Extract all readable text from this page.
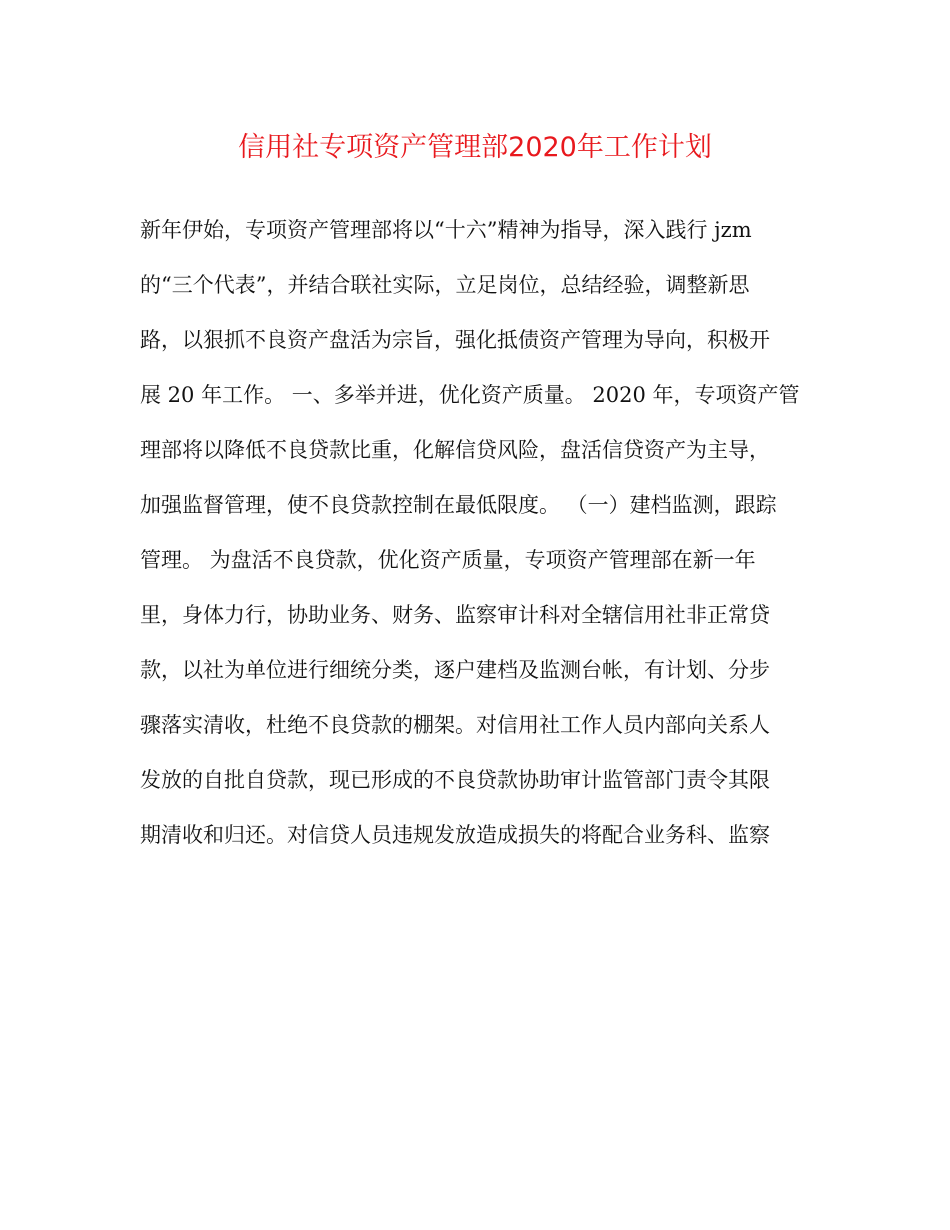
信用社专项资产管理部2020年工作计划
新年伊始，专项资产管理部将以“十六”精神为指导，深入践行 jzm
的“三个代表”，并结合联社实际，立足岗位，总结经验，调整新思
路，以狠抓不良资产盘活为宗旨，强化抵债资产管理为导向，积极开
展 20 年工作。 一、多举并进，优化资产质量。 2020 年，专项资产管
理部将以降低不良贷款比重，化解信贷风险，盘活信贷资产为主导，
加强监督管理，使不良贷款控制在最低限度。 （一）建档监测，跟踪
管理。 为盘活不良贷款，优化资产质量，专项资产管理部在新一年
里，身体力行，协助业务、财务、监察审计科对全辖信用社非正常贷
款，以社为单位进行细统分类，逐户建档及监测台帐，有计划、分步
骤落实清收，杜绝不良贷款的棚架。对信用社工作人员内部向关系人
发放的自批自贷款，现已形成的不良贷款协助审计监管部门责令其限
期清收和归还。对信贷人员违规发放造成损失的将配合业务科、监察
